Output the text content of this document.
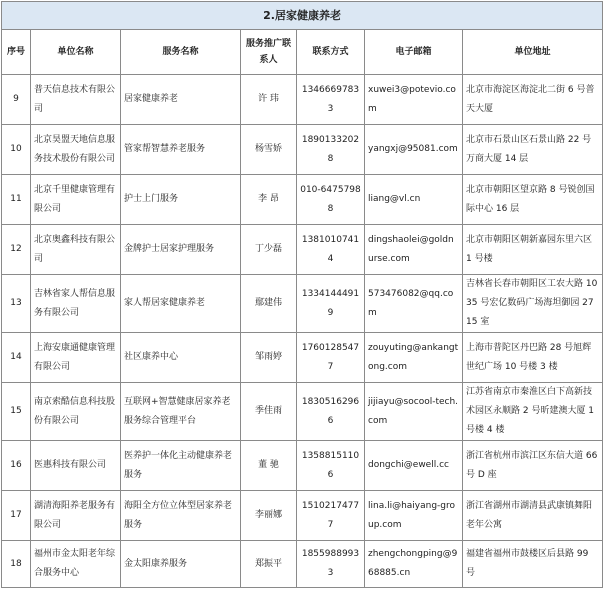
2.居家健康养老						
序号	单位名称	服务名称	服务推广联系人	联系方式	电子邮箱	单位地址
9	普天信息技术有限公司	居家健康养老	许 玮	13466697833	xuwei3@potevio.com	北京市海淀区海淀北二街 6 号普天大厦
10	北京昊盟天地信息服务技术股份有限公司	管家帮智慧养老服务	杨雪娇	18901332028	yangxj@95081.com	北京市石景山区石景山路 22 号万商大厦 14 层
11	北京千里健康管理有限公司	护士上门服务	李 昂	010-64757988	liang@vl.cn	北京市朝阳区望京路 8 号锐创国际中心 16 层
12	北京奥鑫科技有限公司	金牌护士居家护理服务	丁少磊	13810107414	dingshaolei@goldnurse.com	北京市朝阳区朝新嘉园东里六区 1 号楼
13	吉林省家人帮信息服务有限公司	家人帮居家健康养老	鄢建伟	13341444919	573476082@qq.com	吉林省长春市朝阳区工农大路 1035 号宏亿数码广场海坦御园 2715 室
14	上海安康通健康管理有限公司	社区康养中心	邹雨婷	17601285477	zouyuting@ankangtong.com	上海市普陀区丹巴路 28 号旭辉世纪广场 10 号楼 3 楼
15	南京索酷信息科技股份有限公司	互联网+智慧健康居家养老服务综合管理平台	季佳雨	18305162966	jijiayu@socool-tech.com	江苏省南京市秦淮区白下高新技术园区永顺路 2 号昕建澳大厦 1 号楼 4 楼
16	医惠科技有限公司	医养护一体化主动健康养老服务	董 驰	13588151106	dongchi@ewell.cc	浙江省杭州市滨江区东信大道 66 号 D 座
17	湖清海阳养老服务有限公司	海阳全方位立体型居家养老服务	李丽娜	15102174777	lina.li@haiyang-group.com	浙江省湖州市湖清县武康镇舞阳老年公寓
18	福州市金太阳老年综合服务中心	金太阳康养服务	郑振平	18559889933	zhengchongping@968885.cn	福建省福州市鼓楼区后县路 99 号
